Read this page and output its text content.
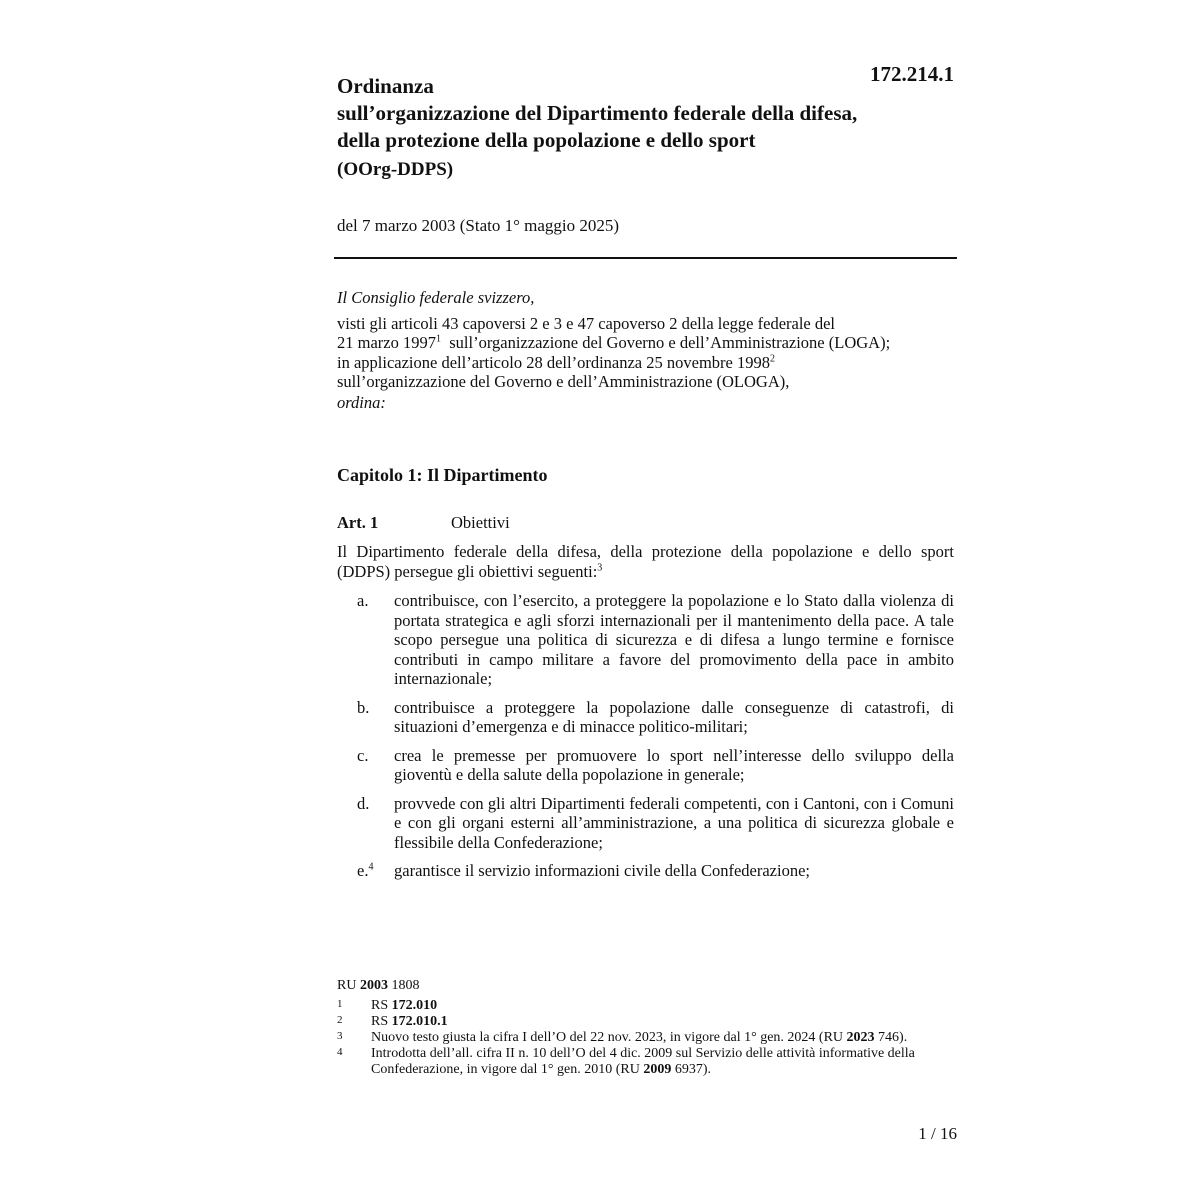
172.214.1
Ordinanza
sull’organizzazione del Dipartimento federale della difesa,
della protezione della popolazione e dello sport
(OOrg-DDPS)
del 7 marzo 2003 (Stato 1° maggio 2025)
Il Consiglio federale svizzero,
visti gli articoli 43 capoversi 2 e 3 e 47 capoverso 2 della legge federale del
21 marzo 1997$^1$  sull’organizzazione del Governo e dell’Amministrazione (LOGA);
in applicazione dell’articolo 28 dell’ordinanza 25 novembre 1998$^2$
sull’organizzazione del Governo e dell’Amministrazione (OLOGA),
ordina:
Capitolo 1: Il Dipartimento
Art. 1	Obiettivi
Il Dipartimento federale della difesa, della protezione della popolazione e dello sport (DDPS) persegue gli obiettivi seguenti:$^3$
a. contribuisce, con l’esercito, a proteggere la popolazione e lo Stato dalla violenza di portata strategica e agli sforzi internazionali per il mantenimento della pace. A tale scopo persegue una politica di sicurezza e di difesa a lungo termine e fornisce contributi in campo militare a favore del promovimento della pace in ambito internazionale;
b. contribuisce a proteggere la popolazione dalle conseguenze di catastrofi, di situazioni d’emergenza e di minacce politico-militari;
c. crea le premesse per promuovere lo sport nell’interesse dello sviluppo della gioventù e della salute della popolazione in generale;
d. provvede con gli altri Dipartimenti federali competenti, con i Cantoni, con i Comuni e con gli organi esterni all’amministrazione, a una politica di sicurezza globale e flessibile della Confederazione;
e.$^4$ garantisce il servizio informazioni civile della Confederazione;
RU 2003 1808
1 RS 172.010
2 RS 172.010.1
3 Nuovo testo giusta la cifra I dell’O del 22 nov. 2023, in vigore dal 1° gen. 2024 (RU 2023 746).
4 Introdotta dell’all. cifra II n. 10 dell’O del 4 dic. 2009 sul Servizio delle attività informative della Confederazione, in vigore dal 1° gen. 2010 (RU 2009 6937).
1 / 16
